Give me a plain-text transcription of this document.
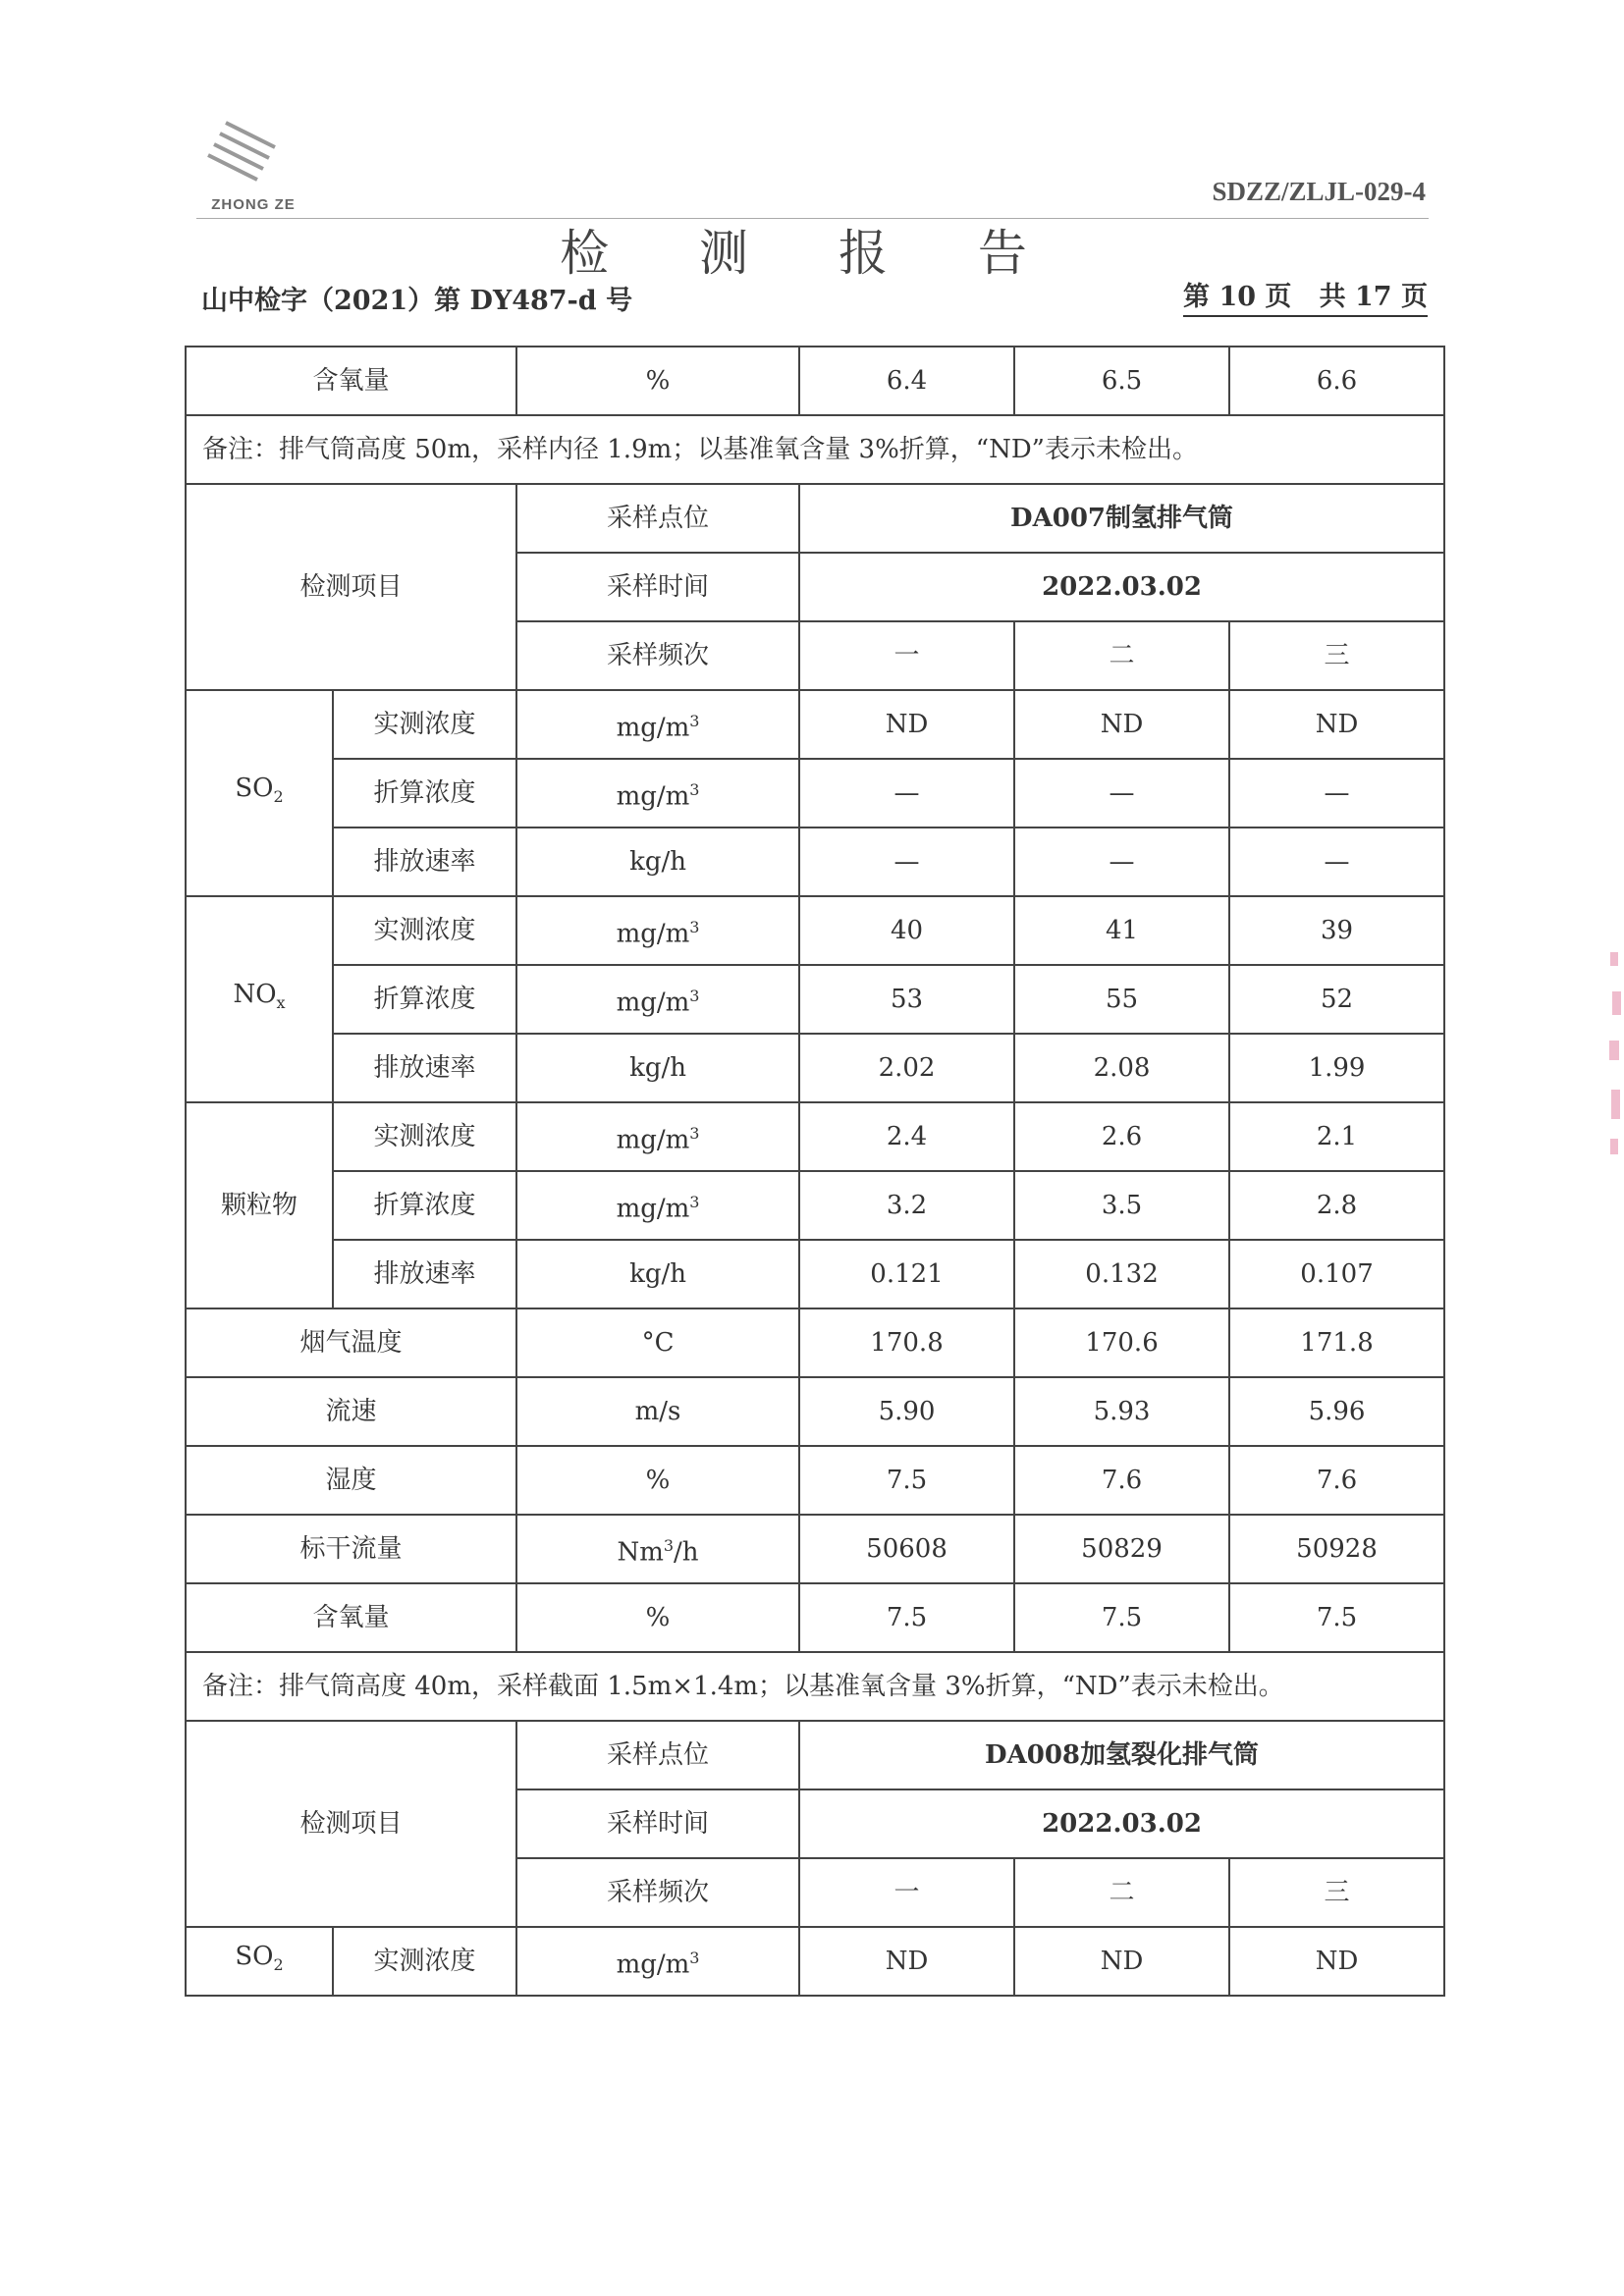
ZHONG ZE	SDZZ/ZLJL-029-4
检 测 报 告
山中检字（2021）第 DY487-d 号	第 10 页   共 17 页
含氧量		%	6.4	6.5	6.6
备注：排气筒高度 50m，采样内径 1.9m；以基准氧含量 3%折算，“ND”表示未检出。					
检测项目		采样点位	DA007制氢排气筒		
		采样时间	2022.03.02		
		采样频次	一	二	三
$SO_2$	实测浓度	$mg/m^3$	ND	ND	ND
	折算浓度	$mg/m^3$	—	—	—
	排放速率	kg/h	—	—	—
$NO_x$	实测浓度	$mg/m^3$	40	41	39
	折算浓度	$mg/m^3$	53	55	52
	排放速率	kg/h	2.02	2.08	1.99
颗粒物	实测浓度	$mg/m^3$	2.4	2.6	2.1
	折算浓度	$mg/m^3$	3.2	3.5	2.8
	排放速率	kg/h	0.121	0.132	0.107
烟气温度		°C	170.8	170.6	171.8
流速		m/s	5.90	5.93	5.96
湿度		%	7.5	7.6	7.6
标干流量		Nm$^3$/h	50608	50829	50928
含氧量		%	7.5	7.5	7.5
备注：排气筒高度 40m，采样截面 1.5m×1.4m；以基准氧含量 3%折算，“ND”表示未检出。					
检测项目		采样点位	DA008加氢裂化排气筒		
		采样时间	2022.03.02		
		采样频次	一	二	三
$SO_2$	实测浓度	$mg/m^3$	ND	ND	ND
